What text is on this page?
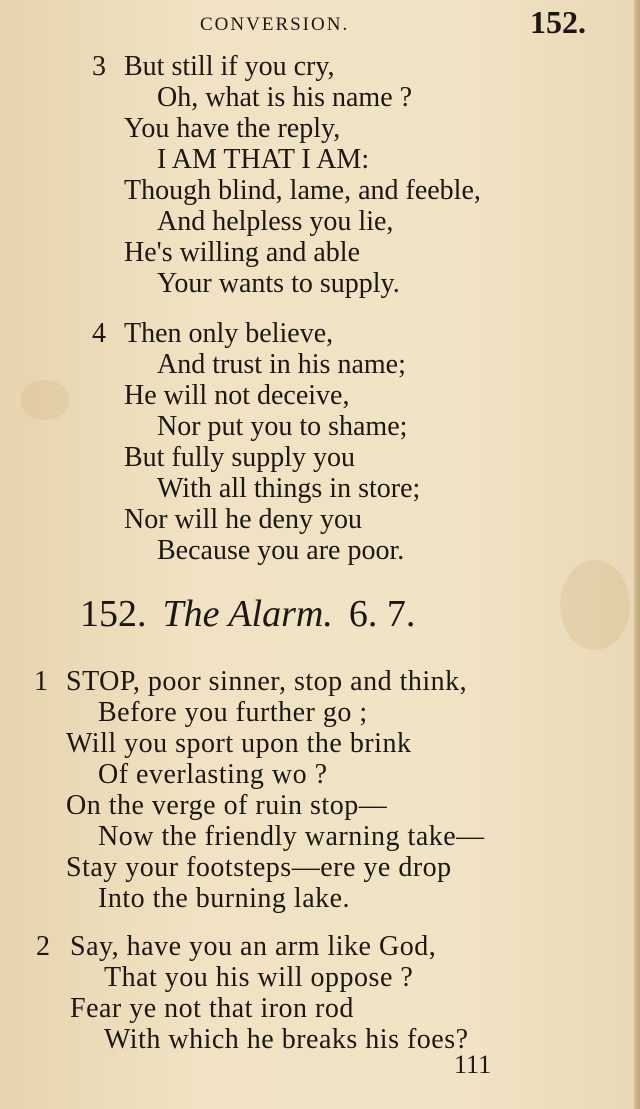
CONVERSION.	152.
3 But still if you cry,
Oh, what is his name ?
You have the reply,
I AM THAT I AM:
Though blind, lame, and feeble,
And helpless you lie,
He's willing and able
Your wants to supply.
4 Then only believe,
And trust in his name;
He will not deceive,
Nor put you to shame;
But fully supply you
With all things in store;
Nor will he deny you
Because you are poor.
152. The Alarm. 6. 7.
1 STOP, poor sinner, stop and think,
Before you further go ;
Will you sport upon the brink
Of everlasting wo ?
On the verge of ruin stop—
Now the friendly warning take—
Stay your footsteps—ere ye drop
Into the burning lake.
2 Say, have you an arm like God,
That you his will oppose ?
Fear ye not that iron rod
With which he breaks his foes?
111
